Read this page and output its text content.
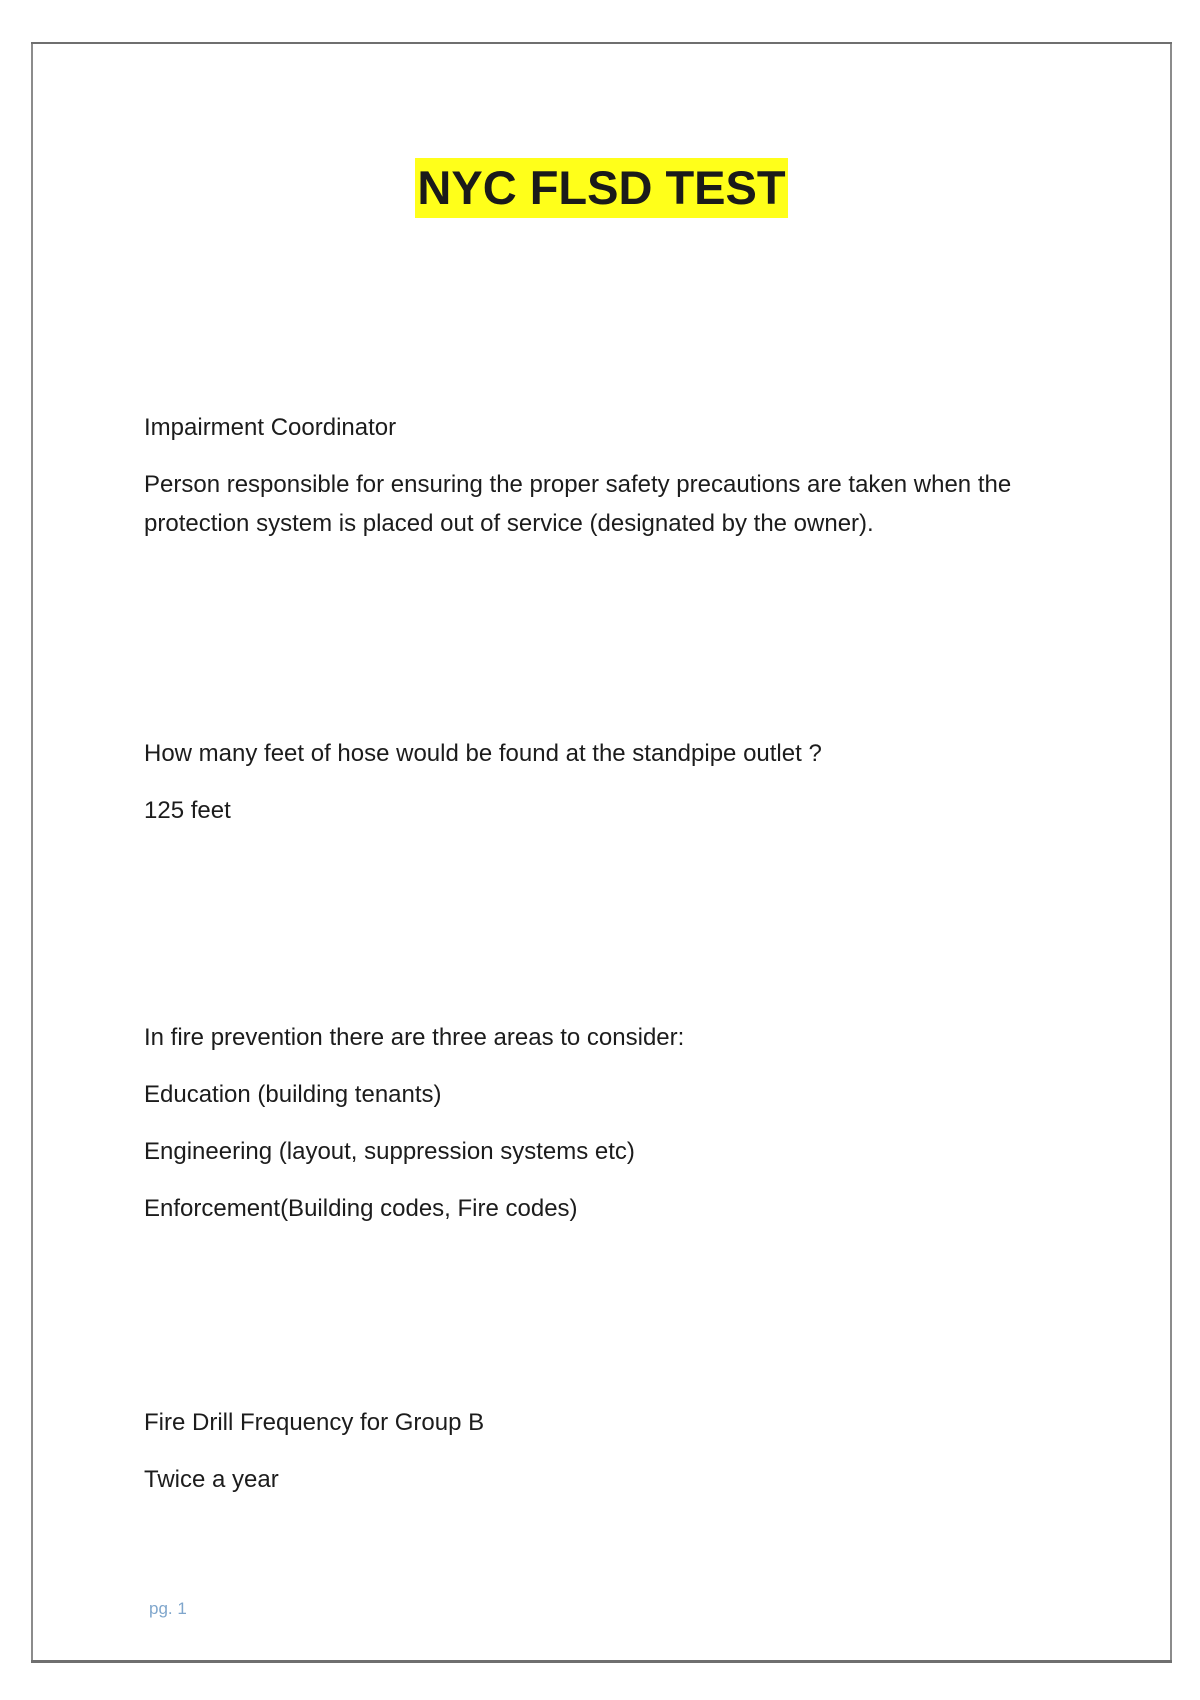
NYC FLSD TEST

Impairment Coordinator

Person responsible for ensuring the proper safety precautions are taken when the protection system is placed out of service (designated by the owner).

How many feet of hose would be found at the standpipe outlet ?

125 feet

In fire prevention there are three areas to consider:

Education (building tenants)

Engineering (layout, suppression systems etc)

Enforcement(Building codes, Fire codes)

Fire Drill Frequency for Group B

Twice a year

pg. 1
